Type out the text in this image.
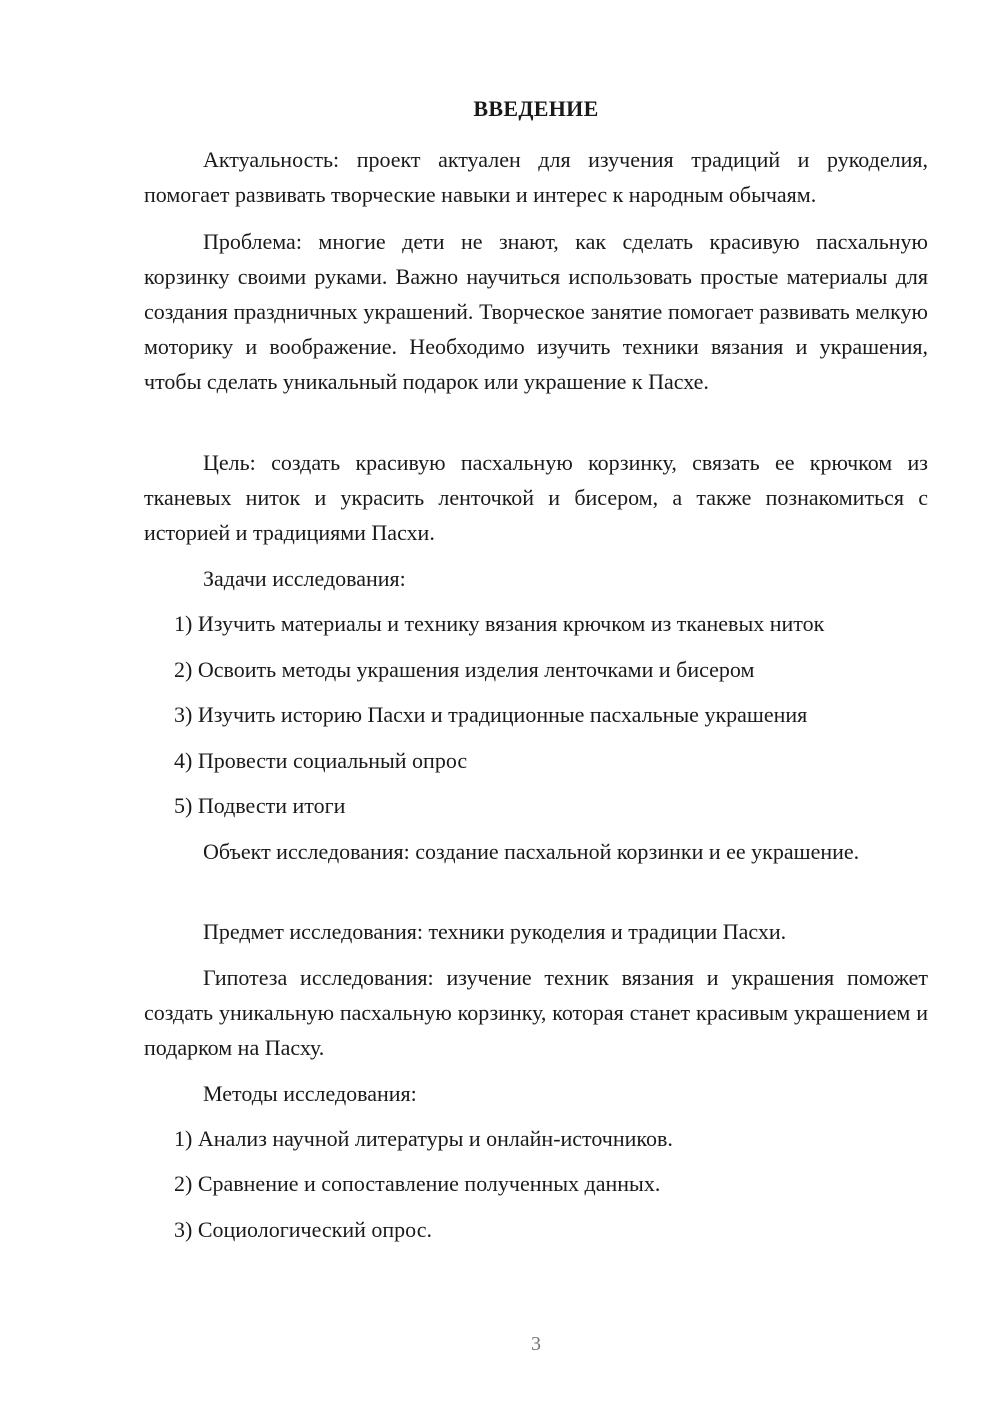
ВВЕДЕНИЕ

Актуальность: проект актуален для изучения традиций и рукоделия, помогает развивать творческие навыки и интерес к народным обычаям.

Проблема: многие дети не знают, как сделать красивую пасхальную корзинку своими руками. Важно научиться использовать простые материалы для создания праздничных украшений. Творческое занятие помогает развивать мелкую моторику и воображение. Необходимо изучить техники вязания и украшения, чтобы сделать уникальный подарок или украшение к Пасхе.

Цель: создать красивую пасхальную корзинку, связать ее крючком из тканевых ниток и украсить ленточкой и бисером, а также познакомиться с историей и традициями Пасхи.

Задачи исследования:

1) Изучить материалы и технику вязания крючком из тканевых ниток

2) Освоить методы украшения изделия ленточками и бисером

3) Изучить историю Пасхи и традиционные пасхальные украшения

4) Провести социальный опрос

5) Подвести итоги

Объект исследования: создание пасхальной корзинки и ее украшение.

Предмет исследования: техники рукоделия и традиции Пасхи.

Гипотеза исследования: изучение техник вязания и украшения поможет создать уникальную пасхальную корзинку, которая станет красивым украшением и подарком на Пасху.

Методы исследования:

1) Анализ научной литературы и онлайн-источников.

2) Сравнение и сопоставление полученных данных.

3) Социологический опрос.

3
